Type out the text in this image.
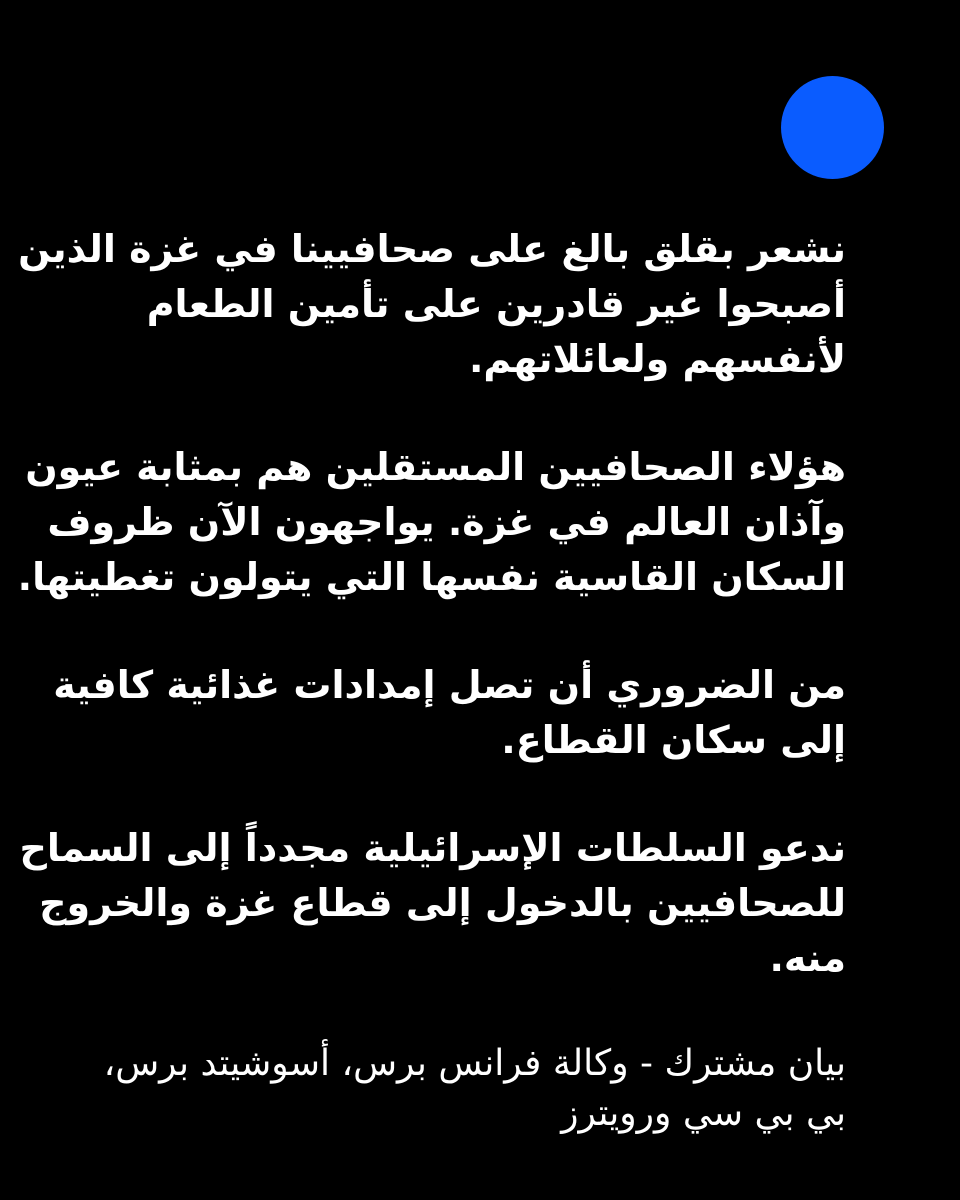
نشعر بقلق بالغ على صحافيينا في غزة الذين
أصبحوا غير قادرين على تأمين الطعام
لأنفسهم ولعائلاتهم.

هؤلاء الصحافيين المستقلين هم بمثابة عيون
وآذان العالم في غزة. يواجهون الآن ظروف
السكان القاسية نفسها التي يتولون تغطيتها.

من الضروري أن تصل إمدادات غذائية كافية
إلى سكان القطاع.

ندعو السلطات الإسرائيلية مجدداً إلى السماح
للصحافيين بالدخول إلى قطاع غزة والخروج
منه.

بيان مشترك - وكالة فرانس برس، أسوشيتد برس،
بي بي سي ورويترز
